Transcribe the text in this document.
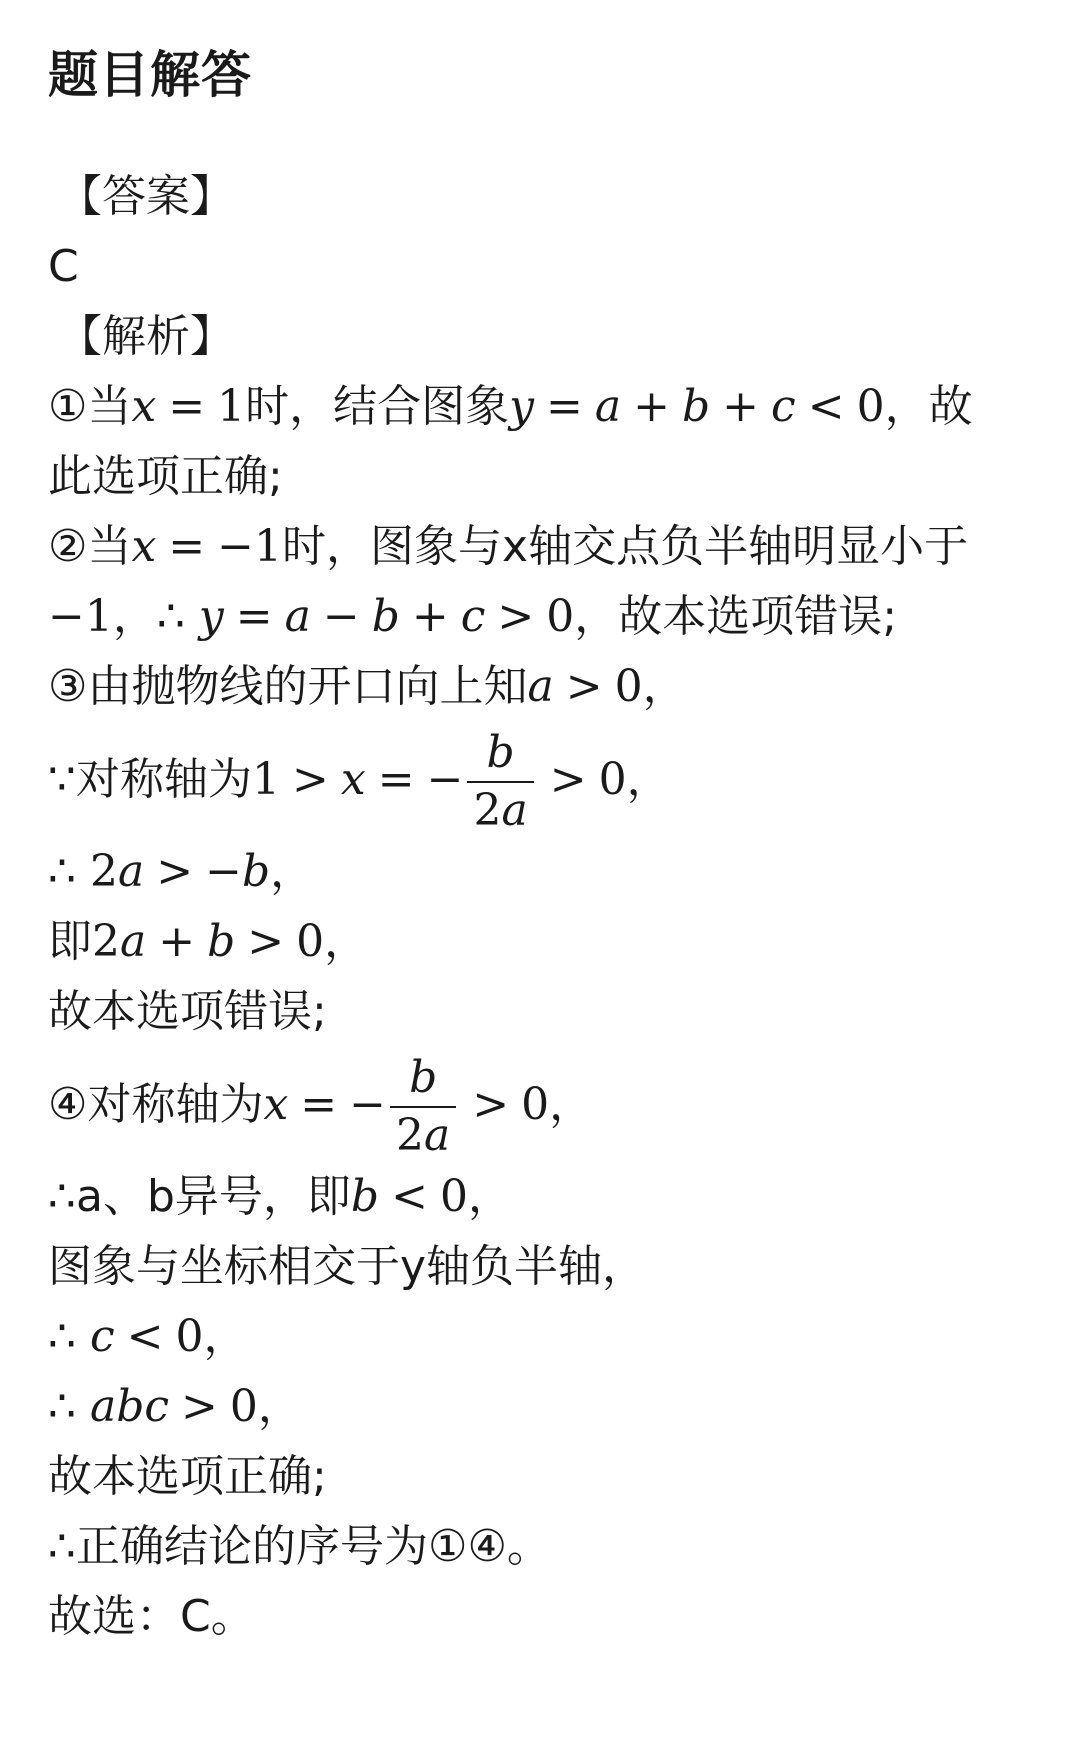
题目解答
【答案】
C
【解析】
①当x = 1时，结合图象y = a + b + c < 0，故
此选项正确;
②当x = −1时，图象与x轴交点负半轴明显小于
−1，∴ y = a − b + c > 0，故本选项错误;
③由抛物线的开口向上知a > 0，
∵对称轴为1 > x = − $\frac{b}{2a} > 0$，
∴ 2a > −b，
即2a + b > 0，
故本选项错误;
④对称轴为x = − $\frac{b}{2a} > 0$，
∴a、b异号，即b < 0，
图象与坐标相交于y轴负半轴，
∴ c < 0，
∴ abc > 0，
故本选项正确;
∴正确结论的序号为①④。
故选：C。
